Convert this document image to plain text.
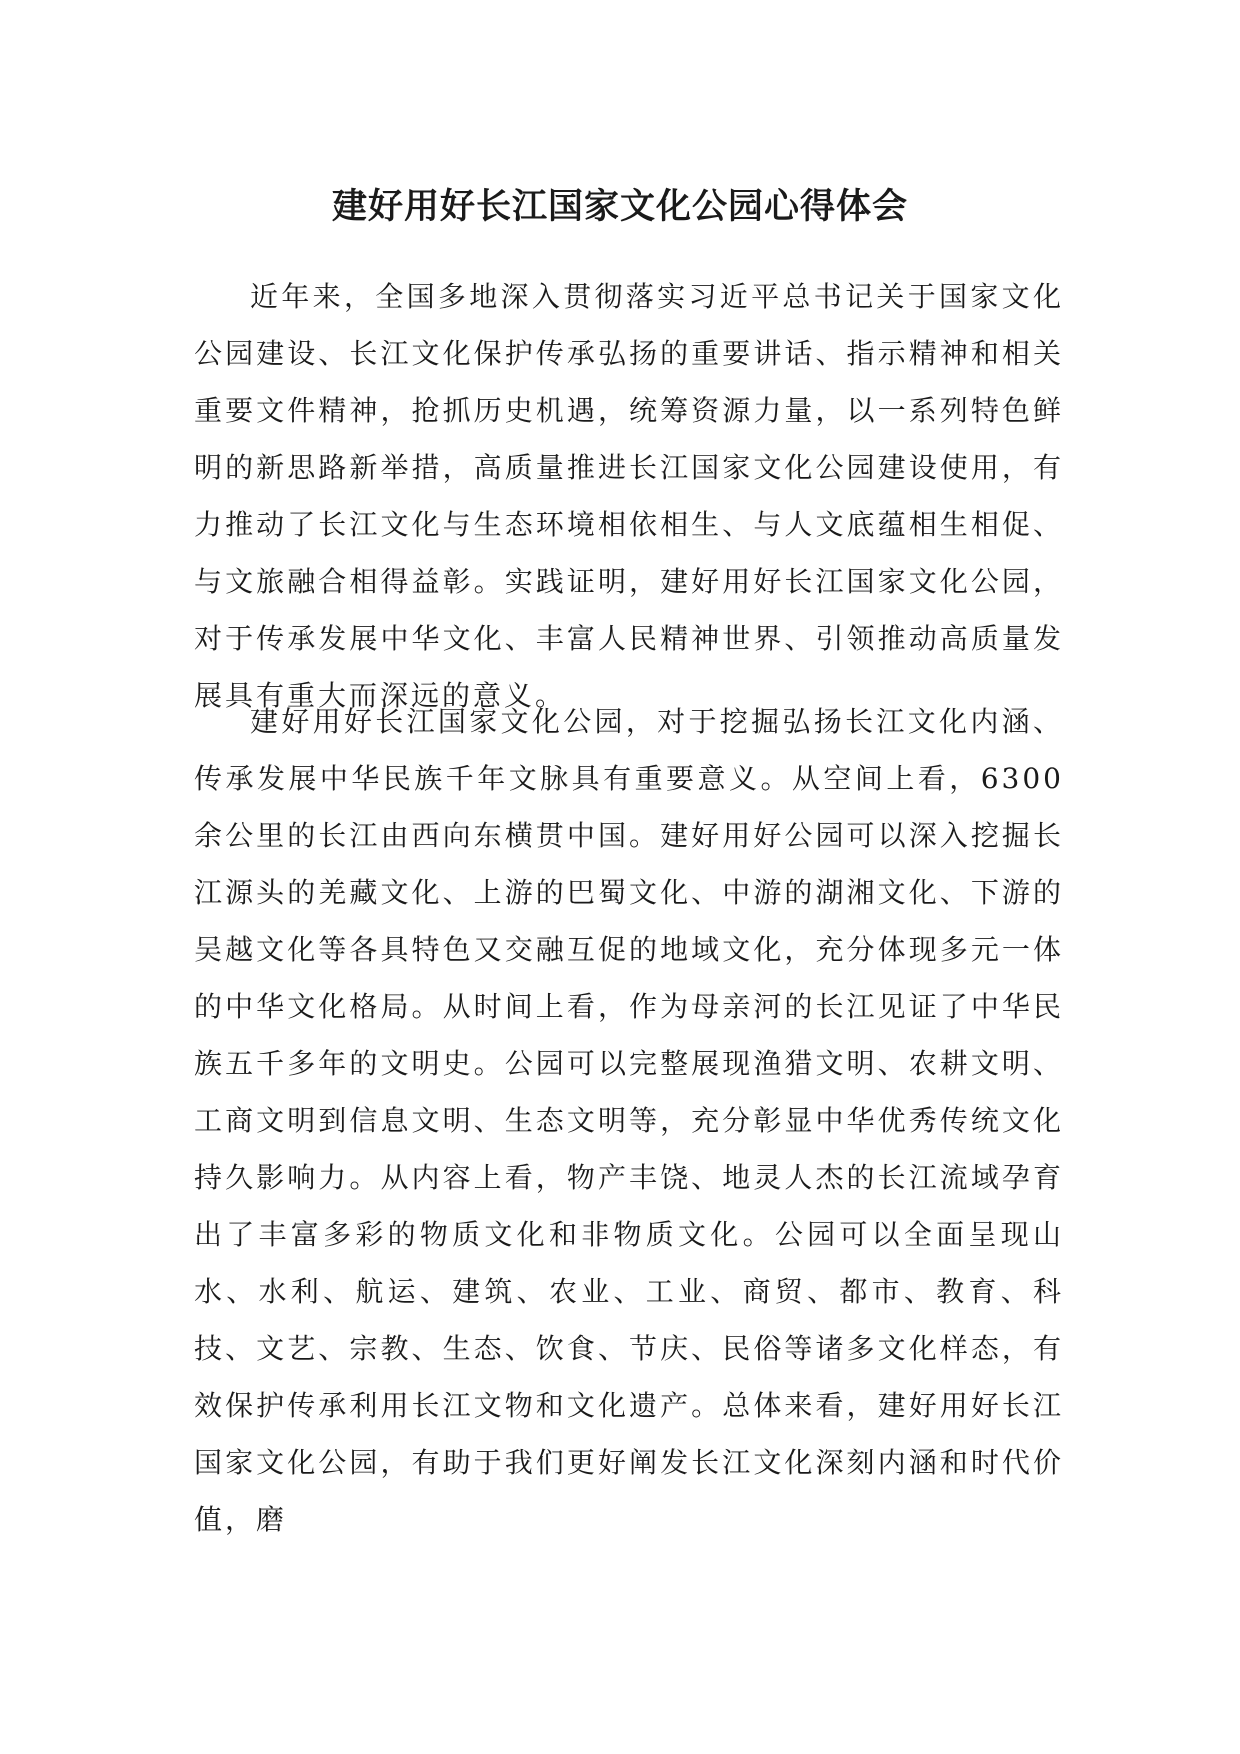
建好用好长江国家文化公园心得体会

近年来，全国多地深入贯彻落实习近平总书记关于国家文化公园建设、长江文化保护传承弘扬的重要讲话、指示精神和相关重要文件精神，抢抓历史机遇，统筹资源力量，以一系列特色鲜明的新思路新举措，高质量推进长江国家文化公园建设使用，有力推动了长江文化与生态环境相依相生、与人文底蕴相生相促、与文旅融合相得益彰。实践证明，建好用好长江国家文化公园，对于传承发展中华文化、丰富人民精神世界、引领推动高质量发展具有重大而深远的意义。

建好用好长江国家文化公园，对于挖掘弘扬长江文化内涵、传承发展中华民族千年文脉具有重要意义。从空间上看，6300余公里的长江由西向东横贯中国。建好用好公园可以深入挖掘长江源头的羌藏文化、上游的巴蜀文化、中游的湖湘文化、下游的吴越文化等各具特色又交融互促的地域文化，充分体现多元一体的中华文化格局。从时间上看，作为母亲河的长江见证了中华民族五千多年的文明史。公园可以完整展现渔猎文明、农耕文明、工商文明到信息文明、生态文明等，充分彰显中华优秀传统文化持久影响力。从内容上看，物产丰饶、地灵人杰的长江流域孕育出了丰富多彩的物质文化和非物质文化。公园可以全面呈现山水、水利、航运、建筑、农业、工业、商贸、都市、教育、科技、文艺、宗教、生态、饮食、节庆、民俗等诸多文化样态，有效保护传承利用长江文物和文化遗产。总体来看，建好用好长江国家文化公园，有助于我们更好阐发长江文化深刻内涵和时代价值，磨
